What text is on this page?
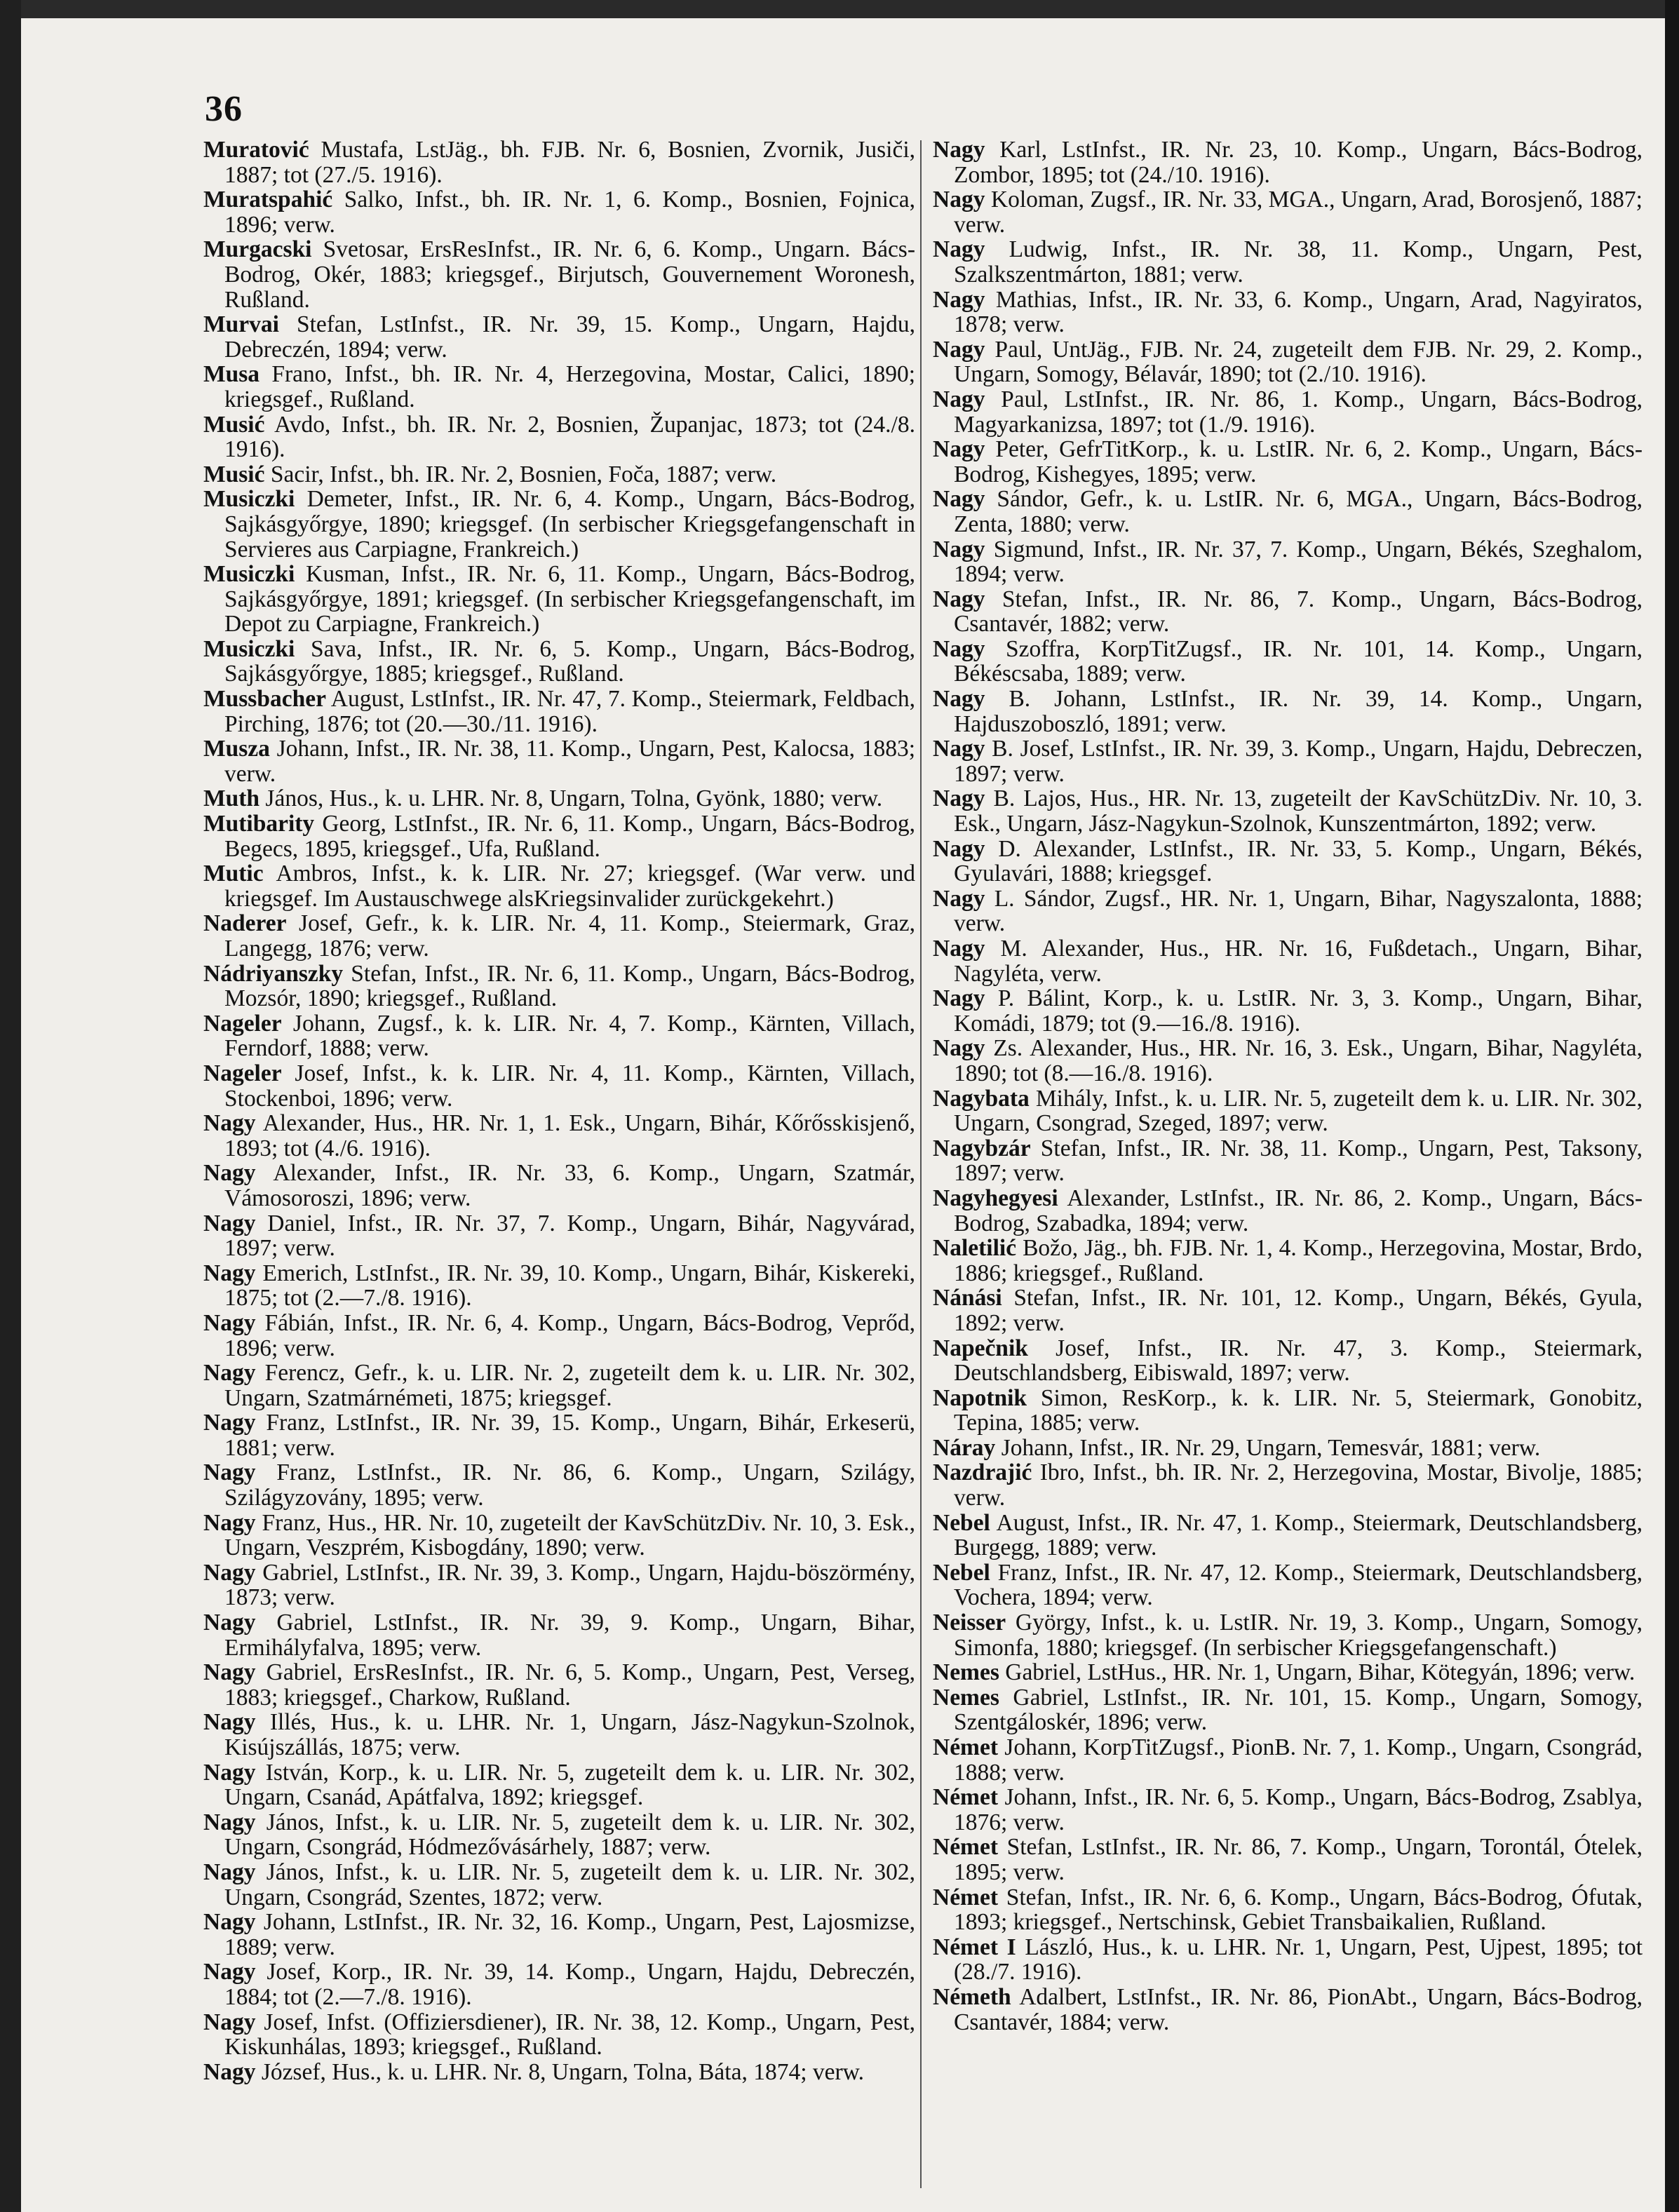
36

Muratović Mustafa, LstJäg., bh. FJB. Nr. 6, Bosnien, Zvornik, Jusiči, 1887; tot (27./5. 1916).

Muratspahić Salko, Infst., bh. IR. Nr. 1, 6. Komp., Bosnien, Fojnica, 1896; verw.

Murgacski Svetosar, ErsResInfst., IR. Nr. 6, 6. Komp., Ungarn. Bács-Bodrog, Okér, 1883; kriegsgef., Birjutsch, Gouvernement Woronesh, Rußland.

Murvai Stefan, LstInfst., IR. Nr. 39, 15. Komp., Ungarn, Hajdu, Debreczén, 1894; verw.

Musa Frano, Infst., bh. IR. Nr. 4, Herzegovina, Mostar, Calici, 1890; kriegsgef., Rußland.

Musić Avdo, Infst., bh. IR. Nr. 2, Bosnien, Županjac, 1873; tot (24./8. 1916).

Musić Sacir, Infst., bh. IR. Nr. 2, Bosnien, Foča, 1887; verw.

Musiczki Demeter, Infst., IR. Nr. 6, 4. Komp., Ungarn, Bács-Bodrog, Sajkásgyőrgye, 1890; kriegsgef. (In serbischer Kriegsgefangenschaft in Servieres aus Carpiagne, Frankreich.)

Musiczki Kusman, Infst., IR. Nr. 6, 11. Komp., Ungarn, Bács-Bodrog, Sajkásgyőrgye, 1891; kriegsgef. (In serbischer Kriegsgefangenschaft, im Depot zu Carpiagne, Frankreich.)

Musiczki Sava, Infst., IR. Nr. 6, 5. Komp., Ungarn, Bács-Bodrog, Sajkásgyőrgye, 1885; kriegsgef., Rußland.

Mussbacher August, LstInfst., IR. Nr. 47, 7. Komp., Steiermark, Feldbach, Pirching, 1876; tot (20.—30./11. 1916).

Musza Johann, Infst., IR. Nr. 38, 11. Komp., Ungarn, Pest, Kalocsa, 1883; verw.

Muth János, Hus., k. u. LHR. Nr. 8, Ungarn, Tolna, Gyönk, 1880; verw.

Mutibarity Georg, LstInfst., IR. Nr. 6, 11. Komp., Ungarn, Bács-Bodrog, Begecs, 1895, kriegsgef., Ufa, Rußland.

Mutic Ambros, Infst., k. k. LIR. Nr. 27; kriegsgef. (War verw. und kriegsgef. Im Austauschwege alsKriegsinvalider zurückgekehrt.)

Naderer Josef, Gefr., k. k. LIR. Nr. 4, 11. Komp., Steiermark, Graz, Langegg, 1876; verw.

Nádriyanszky Stefan, Infst., IR. Nr. 6, 11. Komp., Ungarn, Bács-Bodrog, Mozsór, 1890; kriegsgef., Rußland.

Nageler Johann, Zugsf., k. k. LIR. Nr. 4, 7. Komp., Kärnten, Villach, Ferndorf, 1888; verw.

Nageler Josef, Infst., k. k. LIR. Nr. 4, 11. Komp., Kärnten, Villach, Stockenboi, 1896; verw.

Nagy Alexander, Hus., HR. Nr. 1, 1. Esk., Ungarn, Bihár, Kőrősskisjenő, 1893; tot (4./6. 1916).

Nagy Alexander, Infst., IR. Nr. 33, 6. Komp., Ungarn, Szatmár, Vámosoroszi, 1896; verw.

Nagy Daniel, Infst., IR. Nr. 37, 7. Komp., Ungarn, Bihár, Nagyvárad, 1897; verw.

Nagy Emerich, LstInfst., IR. Nr. 39, 10. Komp., Ungarn, Bihár, Kiskereki, 1875; tot (2.—7./8. 1916).

Nagy Fábián, Infst., IR. Nr. 6, 4. Komp., Ungarn, Bács-Bodrog, Veprőd, 1896; verw.

Nagy Ferencz, Gefr., k. u. LIR. Nr. 2, zugeteilt dem k. u. LIR. Nr. 302, Ungarn, Szatmárnémeti, 1875; kriegsgef.

Nagy Franz, LstInfst., IR. Nr. 39, 15. Komp., Ungarn, Bihár, Erkeserü, 1881; verw.

Nagy Franz, LstInfst., IR. Nr. 86, 6. Komp., Ungarn, Szilágy, Szilágyzovány, 1895; verw.

Nagy Franz, Hus., HR. Nr. 10, zugeteilt der KavSchützDiv. Nr. 10, 3. Esk., Ungarn, Veszprém, Kisbogdány, 1890; verw.

Nagy Gabriel, LstInfst., IR. Nr. 39, 3. Komp., Ungarn, Hajdu-böszörmény, 1873; verw.

Nagy Gabriel, LstInfst., IR. Nr. 39, 9. Komp., Ungarn, Bihar, Ermihályfalva, 1895; verw.

Nagy Gabriel, ErsResInfst., IR. Nr. 6, 5. Komp., Ungarn, Pest, Verseg, 1883; kriegsgef., Charkow, Rußland.

Nagy Illés, Hus., k. u. LHR. Nr. 1, Ungarn, Jász-Nagykun-Szolnok, Kisújszállás, 1875; verw.

Nagy István, Korp., k. u. LIR. Nr. 5, zugeteilt dem k. u. LIR. Nr. 302, Ungarn, Csanád, Apátfalva, 1892; kriegsgef.

Nagy János, Infst., k. u. LIR. Nr. 5, zugeteilt dem k. u. LIR. Nr. 302, Ungarn, Csongrád, Hódmezővásárhely, 1887; verw.

Nagy János, Infst., k. u. LIR. Nr. 5, zugeteilt dem k. u. LIR. Nr. 302, Ungarn, Csongrád, Szentes, 1872; verw.

Nagy Johann, LstInfst., IR. Nr. 32, 16. Komp., Ungarn, Pest, Lajosmizse, 1889; verw.

Nagy Josef, Korp., IR. Nr. 39, 14. Komp., Ungarn, Hajdu, Debreczén, 1884; tot (2.—7./8. 1916).

Nagy Josef, Infst. (Offiziersdiener), IR. Nr. 38, 12. Komp., Ungarn, Pest, Kiskunhálas, 1893; kriegsgef., Rußland.

Nagy József, Hus., k. u. LHR. Nr. 8, Ungarn, Tolna, Báta, 1874; verw.

Nagy Karl, LstInfst., IR. Nr. 23, 10. Komp., Ungarn, Bács-Bodrog, Zombor, 1895; tot (24./10. 1916).

Nagy Koloman, Zugsf., IR. Nr. 33, MGA., Ungarn, Arad, Borosjenő, 1887; verw.

Nagy Ludwig, Infst., IR. Nr. 38, 11. Komp., Ungarn, Pest, Szalkszentmárton, 1881; verw.

Nagy Mathias, Infst., IR. Nr. 33, 6. Komp., Ungarn, Arad, Nagyiratos, 1878; verw.

Nagy Paul, UntJäg., FJB. Nr. 24, zugeteilt dem FJB. Nr. 29, 2. Komp., Ungarn, Somogy, Bélavár, 1890; tot (2./10. 1916).

Nagy Paul, LstInfst., IR. Nr. 86, 1. Komp., Ungarn, Bács-Bodrog, Magyarkanizsa, 1897; tot (1./9. 1916).

Nagy Peter, GefrTitKorp., k. u. LstIR. Nr. 6, 2. Komp., Ungarn, Bács-Bodrog, Kishegyes, 1895; verw.

Nagy Sándor, Gefr., k. u. LstIR. Nr. 6, MGA., Ungarn, Bács-Bodrog, Zenta, 1880; verw.

Nagy Sigmund, Infst., IR. Nr. 37, 7. Komp., Ungarn, Békés, Szeghalom, 1894; verw.

Nagy Stefan, Infst., IR. Nr. 86, 7. Komp., Ungarn, Bács-Bodrog, Csantavér, 1882; verw.

Nagy Szoffra, KorpTitZugsf., IR. Nr. 101, 14. Komp., Ungarn, Békéscsaba, 1889; verw.

Nagy B. Johann, LstInfst., IR. Nr. 39, 14. Komp., Ungarn, Hajduszoboszló, 1891; verw.

Nagy B. Josef, LstInfst., IR. Nr. 39, 3. Komp., Ungarn, Hajdu, Debreczen, 1897; verw.

Nagy B. Lajos, Hus., HR. Nr. 13, zugeteilt der KavSchützDiv. Nr. 10, 3. Esk., Ungarn, Jász-Nagykun-Szolnok, Kunszentmárton, 1892; verw.

Nagy D. Alexander, LstInfst., IR. Nr. 33, 5. Komp., Ungarn, Békés, Gyulavári, 1888; kriegsgef.

Nagy L. Sándor, Zugsf., HR. Nr. 1, Ungarn, Bihar, Nagyszalonta, 1888; verw.

Nagy M. Alexander, Hus., HR. Nr. 16, Fußdetach., Ungarn, Bihar, Nagyléta, verw.

Nagy P. Bálint, Korp., k. u. LstIR. Nr. 3, 3. Komp., Ungarn, Bihar, Komádi, 1879; tot (9.—16./8. 1916).

Nagy Zs. Alexander, Hus., HR. Nr. 16, 3. Esk., Ungarn, Bihar, Nagyléta, 1890; tot (8.—16./8. 1916).

Nagybata Mihály, Infst., k. u. LIR. Nr. 5, zugeteilt dem k. u. LIR. Nr. 302, Ungarn, Csongrad, Szeged, 1897; verw.

Nagybzár Stefan, Infst., IR. Nr. 38, 11. Komp., Ungarn, Pest, Taksony, 1897; verw.

Nagyhegyesi Alexander, LstInfst., IR. Nr. 86, 2. Komp., Ungarn, Bács-Bodrog, Szabadka, 1894; verw.

Naletilić Božo, Jäg., bh. FJB. Nr. 1, 4. Komp., Herzegovina, Mostar, Brdo, 1886; kriegsgef., Rußland.

Nánási Stefan, Infst., IR. Nr. 101, 12. Komp., Ungarn, Békés, Gyula, 1892; verw.

Napečnik Josef, Infst., IR. Nr. 47, 3. Komp., Steiermark, Deutschlandsberg, Eibiswald, 1897; verw.

Napotnik Simon, ResKorp., k. k. LIR. Nr. 5, Steiermark, Gonobitz, Tepina, 1885; verw.

Náray Johann, Infst., IR. Nr. 29, Ungarn, Temesvár, 1881; verw.

Nazdrajić Ibro, Infst., bh. IR. Nr. 2, Herzegovina, Mostar, Bivolje, 1885; verw.

Nebel August, Infst., IR. Nr. 47, 1. Komp., Steiermark, Deutschlandsberg, Burgegg, 1889; verw.

Nebel Franz, Infst., IR. Nr. 47, 12. Komp., Steiermark, Deutschlandsberg, Vochera, 1894; verw.

Neisser György, Infst., k. u. LstIR. Nr. 19, 3. Komp., Ungarn, Somogy, Simonfa, 1880; kriegsgef. (In serbischer Kriegsgefangenschaft.)

Nemes Gabriel, LstHus., HR. Nr. 1, Ungarn, Bihar, Kötegyán, 1896; verw.

Nemes Gabriel, LstInfst., IR. Nr. 101, 15. Komp., Ungarn, Somogy, Szentgáloskér, 1896; verw.

Német Johann, KorpTitZugsf., PionB. Nr. 7, 1. Komp., Ungarn, Csongrád, 1888; verw.

Német Johann, Infst., IR. Nr. 6, 5. Komp., Ungarn, Bács-Bodrog, Zsablya, 1876; verw.

Német Stefan, LstInfst., IR. Nr. 86, 7. Komp., Ungarn, Torontál, Ótelek, 1895; verw.

Német Stefan, Infst., IR. Nr. 6, 6. Komp., Ungarn, Bács-Bodrog, Ófutak, 1893; kriegsgef., Nertschinsk, Gebiet Transbaikalien, Rußland.

Német I László, Hus., k. u. LHR. Nr. 1, Ungarn, Pest, Ujpest, 1895; tot (28./7. 1916).

Németh Adalbert, LstInfst., IR. Nr. 86, PionAbt., Ungarn, Bács-Bodrog, Csantavér, 1884; verw.
